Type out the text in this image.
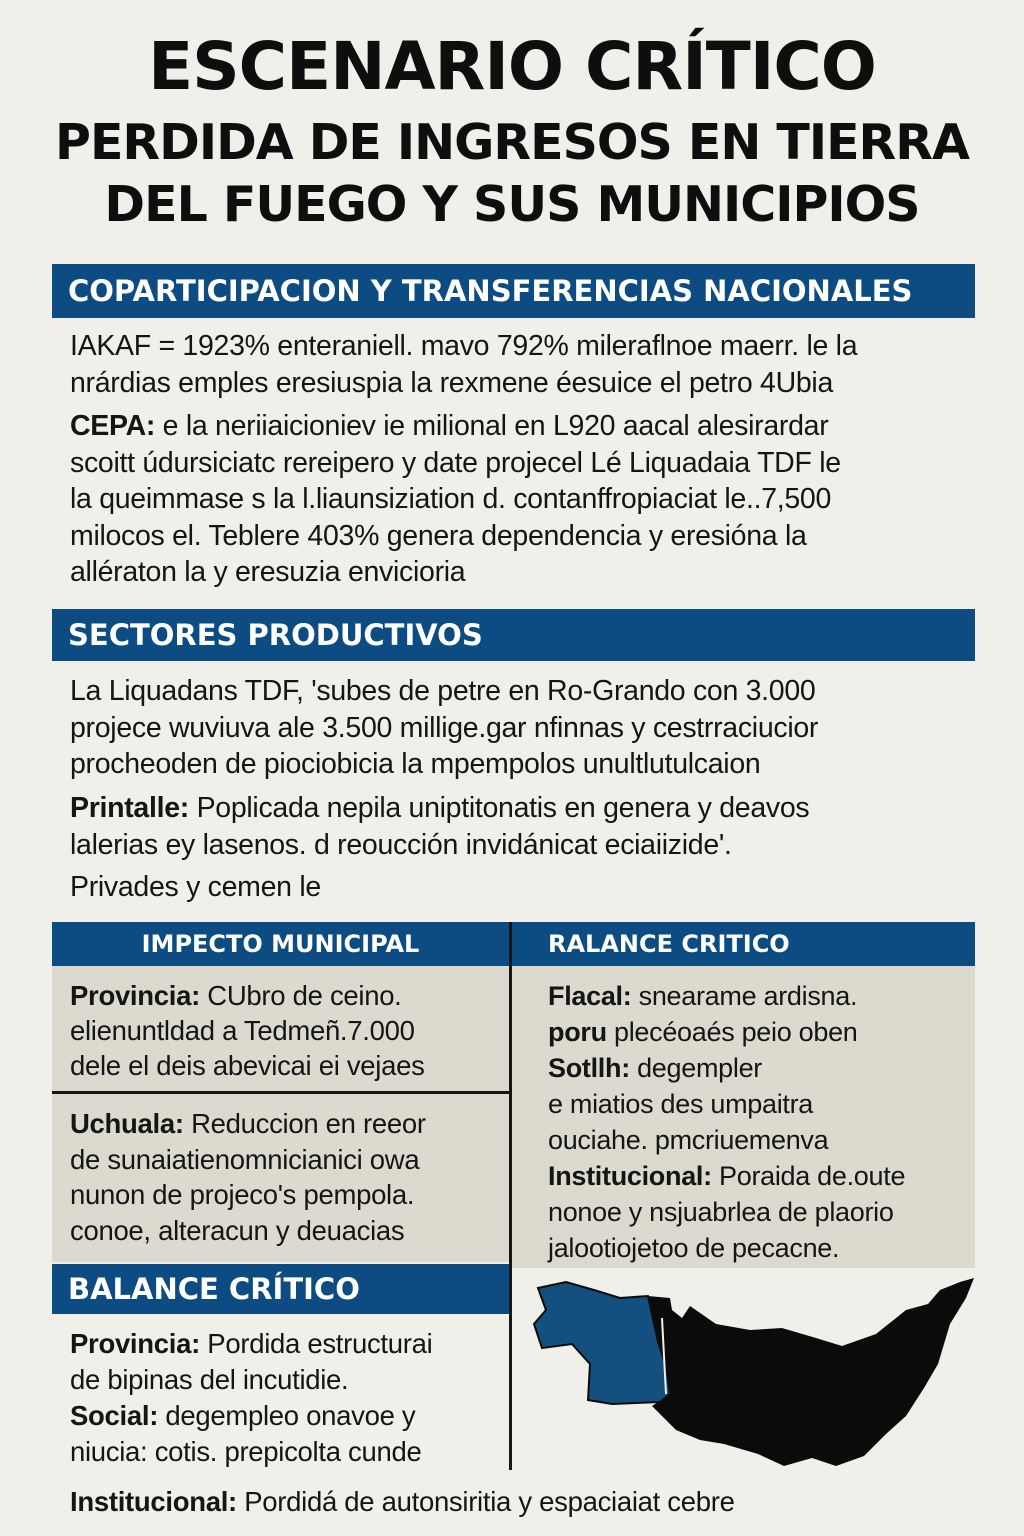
ESCENARIO CRÍTICO
PERDIDA DE INGRESOS EN TIERRA
DEL FUEGO Y SUS MUNICIPIOS
COPARTICIPACION Y TRANSFERENCIAS NACIONALES
IAKAF = 1923% enteraniell. mavo 792% mileraflnoe maerr. le la
nrárdias emples eresiuspia la rexmene éesuice el petro 4Ubia
CEPA: e la neriiaicioniev ie milional en L920 aacal alesirardar
scoitt údursiciatc rereipero y date projecel Lé Liquadaia TDF le
la queimmase s la l.liaunsiziation d. contanffropiaciat le..7,500
milocos el. Teblere 403% genera dependencia y eresióna la
allératon la y eresuzia envicioria
SECTORES PRODUCTIVOS
La Liquadans TDF, 'subes de petre en Ro-Grando con 3.000
projece wuviuva ale 3.500 millige.gar nfinnas y cestrraciucior
procheoden de piociobicia la mpempolos unultlutulcaion
Printalle: Poplicada nepila uniptitonatis en genera y deavos
lalerias ey lasenos. d reoucción invidánicat eciaiizide'.
Privades y cemen le
IMPECTO MUNICIPAL
Provincia: CUbro de ceino.
elienuntldad a Tedmeñ.7.000
dele el deis abevicai ei vejaes
Uchuala: Reduccion en reeor
de sunaiatienomnicianici owa
nunon de projeco's pempola.
conoe, alteracun y deuacias
RALANCE CRITICO
Flacal: snearame ardisna.
poru plecéoaés peio oben
Sotllh: degempler
e miatios des umpaitra
ouciahe. pmcriuemenva
Institucional: Poraida de.oute
nonoe y nsjuabrlea de plaorio
jalootiojetoo de pecacne.
BALANCE CRÍTICO
Provincia: Pordida estructurai
de bipinas del incutidie.
Social: degempleo onavoe y
niucia: cotis. prepicolta cunde
Institucional: Pordidá de autonsiritia y espaciaiat cebre
